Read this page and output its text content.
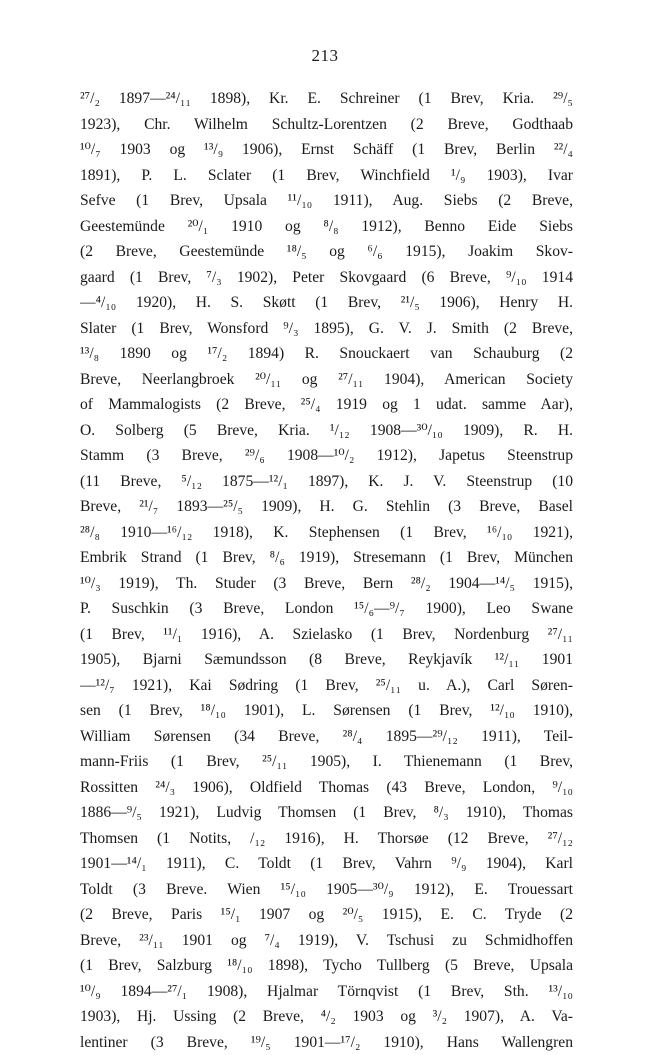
213
²⁷/₂ 1897—²⁴/₁₁ 1898), Kr. E. Schreiner (1 Brev, Kria. ²⁹/₅
1923), Chr. Wilhelm Schultz-Lorentzen (2 Breve, Godthaab
¹⁰/₇ 1903 og ¹³/₉ 1906), Ernst Schäff (1 Brev, Berlin ²²/₄
1891), P. L. Sclater (1 Brev, Winchfield ¹/₉ 1903), Ivar
Sefve (1 Brev, Upsala ¹¹/₁₀ 1911), Aug. Siebs (2 Breve,
Geestemünde ²⁰/₁ 1910 og ⁸/₈ 1912), Benno Eide Siebs
(2 Breve, Geestemünde ¹⁸/₅ og ⁶/₆ 1915), Joakim Skov-
gaard (1 Brev, ⁷/₃ 1902), Peter Skovgaard (6 Breve, ⁹/₁₀ 1914
—⁴/₁₀ 1920), H. S. Skøtt (1 Brev, ²¹/₅ 1906), Henry H.
Slater (1 Brev, Wonsford ⁹/₃ 1895), G. V. J. Smith (2 Breve,
¹³/₈ 1890 og ¹⁷/₂ 1894) R. Snouckaert van Schauburg (2
Breve, Neerlangbroek ²⁰/₁₁ og ²⁷/₁₁ 1904), American Society
of Mammalogists (2 Breve, ²⁵/₄ 1919 og 1 udat. samme Aar),
O. Solberg (5 Breve, Kria. ¹/₁₂ 1908—³⁰/₁₀ 1909), R. H.
Stamm (3 Breve, ²⁹/₆ 1908—¹⁰/₂ 1912), Japetus Steenstrup
(11 Breve, ⁵/₁₂ 1875—¹²/₁ 1897), K. J. V. Steenstrup (10
Breve, ²¹/₇ 1893—²⁵/₅ 1909), H. G. Stehlin (3 Breve, Basel
²⁸/₈ 1910—¹⁶/₁₂ 1918), K. Stephensen (1 Brev, ¹⁶/₁₀ 1921),
Embrik Strand (1 Brev, ⁸/₆ 1919), Stresemann (1 Brev, München
¹⁰/₃ 1919), Th. Studer (3 Breve, Bern ²⁸/₂ 1904—¹⁴/₅ 1915),
P. Suschkin (3 Breve, London ¹⁵/₆—⁹/₇ 1900), Leo Swane
(1 Brev, ¹¹/₁ 1916), A. Szielasko (1 Brev, Nordenburg ²⁷/₁₁
1905), Bjarni Sæmundsson (8 Breve, Reykjavík ¹²/₁₁ 1901
—¹²/₇ 1921), Kai Sødring (1 Brev, ²⁵/₁₁ u. A.), Carl Søren-
sen (1 Brev, ¹⁸/₁₀ 1901), L. Sørensen (1 Brev, ¹²/₁₀ 1910),
William Sørensen (34 Breve, ²⁸/₄ 1895—²⁹/₁₂ 1911), Teil-
mann-Friis (1 Brev, ²⁵/₁₁ 1905), I. Thienemann (1 Brev,
Rossitten ²⁴/₃ 1906), Oldfield Thomas (43 Breve, London, ⁹/₁₀
1886—⁹/₅ 1921), Ludvig Thomsen (1 Brev, ⁸/₃ 1910), Thomas
Thomsen (1 Notits, /₁₂ 1916), H. Thorsøe (12 Breve, ²⁷/₁₂
1901—¹⁴/₁ 1911), C. Toldt (1 Brev, Vahrn ⁹/₉ 1904), Karl
Toldt (3 Breve. Wien ¹⁵/₁₀ 1905—³⁰/₉ 1912), E. Trouessart
(2 Breve, Paris ¹⁵/₁ 1907 og ²⁰/₅ 1915), E. C. Tryde (2
Breve, ²³/₁₁ 1901 og ⁷/₄ 1919), V. Tschusi zu Schmidhoffen
(1 Brev, Salzburg ¹⁸/₁₀ 1898), Tycho Tullberg (5 Breve, Upsala
¹⁰/₉ 1894—²⁷/₁ 1908), Hjalmar Törnqvist (1 Brev, Sth. ¹³/₁₀
1903), Hj. Ussing (2 Breve, ⁴/₂ 1903 og ³/₂ 1907), A. Va-
lentiner (3 Breve, ¹⁹/₅ 1901—¹⁷/₂ 1910), Hans Wallengren
